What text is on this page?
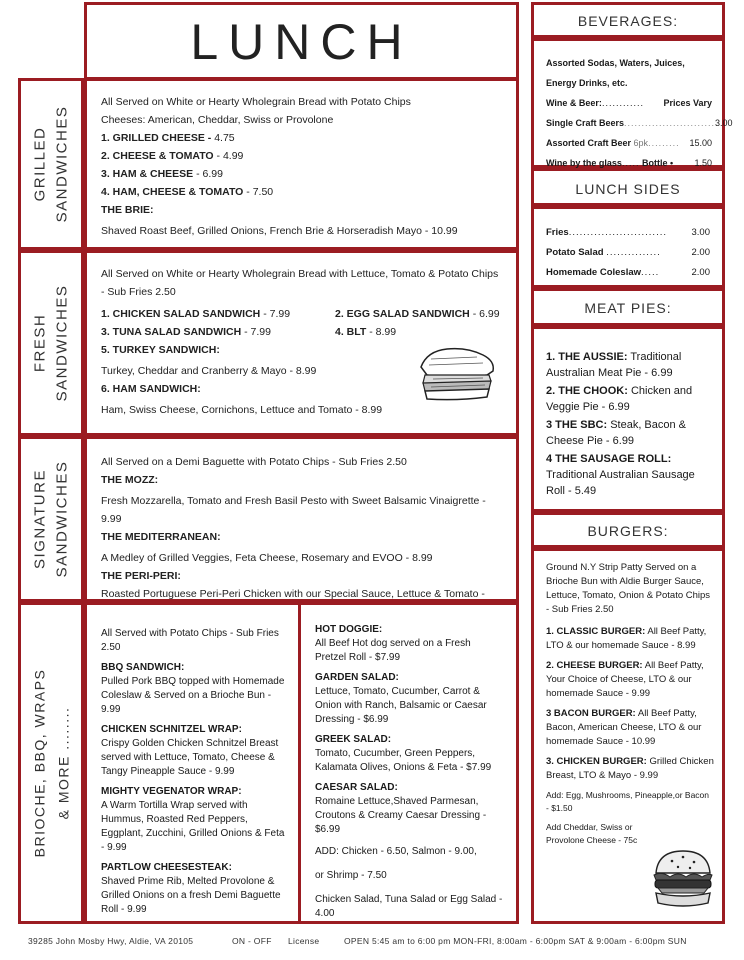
LUNCH
GRILLED SANDWICHES
All Served on White or Hearty Wholegrain Bread with Potato Chips
Cheeses: American, Cheddar, Swiss or Provolone
1. GRILLED CHEESE - 4.75
2. CHEESE & TOMATO - 4.99
3. HAM & CHEESE - 6.99
4. HAM, CHEESE & TOMATO - 7.50
THE BRIE:
Shaved Roast Beef, Grilled Onions, French Brie & Horseradish Mayo - 10.99
FRESH SANDWICHES
All Served on White or Hearty Wholegrain Bread with Lettuce, Tomato & Potato Chips - Sub Fries 2.50
1. CHICKEN SALAD SANDWICH - 7.99	2. EGG SALAD SANDWICH - 6.99
3. TUNA SALAD SANDWICH - 7.99	4. BLT - 8.99
5. TURKEY SANDWICH:
Turkey, Cheddar and Cranberry & Mayo - 8.99
6. HAM SANDWICH:
Ham, Swiss Cheese, Cornichons, Lettuce and Tomato - 8.99
SIGNATURE SANDWICHES	All Served on a Demi Baguette with Potato Chips - Sub Fries 2.50
THE MOZZ:
Fresh Mozzarella, Tomato and Fresh Basil Pesto with Sweet Balsamic Vinaigrette - 9.99
THE MEDITERRANEAN:
A Medley of Grilled Veggies, Feta Cheese, Rosemary and EVOO - 8.99
THE PERI-PERI:
Roasted Portuguese Peri-Peri Chicken with our Special Sauce, Lettuce & Tomato -
BRIOCHE, BBQ, WRAPS & MORE ........
All Served with Potato Chips - Sub Fries 2.50
BBQ SANDWICH:
Pulled Pork BBQ topped with Homemade Coleslaw & Served on a Brioche Bun - 9.99
CHICKEN SCHNITZEL WRAP:
Crispy Golden Chicken Schnitzel Breast served with Lettuce, Tomato, Cheese & Tangy Pineapple Sauce - 9.99
MIGHTY VEGENATOR WRAP:
A Warm Tortilla Wrap served with Hummus, Roasted Red Peppers, Eggplant, Zucchini, Grilled Onions & Feta - 9.99
PARTLOW CHEESESTEAK:
Shaved Prime Rib, Melted Provolone & Grilled Onions on a fresh Demi Baguette Roll - 9.99
HOT DOGGIE:
All Beef Hot dog served on a Fresh Pretzel Roll - $7.99
GARDEN SALAD:
Lettuce, Tomato, Cucumber, Carrot & Onion with Ranch, Balsamic or Caesar Dressing - $6.99
GREEK SALAD:
Tomato, Cucumber, Green Peppers, Kalamata Olives, Onions & Feta - $7.99
CAESAR SALAD:
Romaine Lettuce,Shaved Parmesan, Croutons & Creamy Caesar Dressing - $6.99
ADD: Chicken - 6.50, Salmon - 9.00,
or Shrimp - 7.50
Chicken Salad, Tuna Salad or Egg Salad - 4.00
BEVERAGES:
Assorted Sodas, Waters, Juices,
Energy Drinks, etc.
Wine & Beer:............ Prices Vary
Single Craft Beers.......................... 3.00
Assorted Craft Beer 6pk......... 15.00
Wine by the glass..... Bottle • 1.50
LUNCH SIDES
Fries...........................	3.00
Potato Salad ...............	2.00
Homemade Coleslaw.....	2.00
MEAT PIES:
1. THE AUSSIE: Traditional Australian Meat Pie - 6.99
2. THE CHOOK: Chicken and Veggie Pie - 6.99
3 THE SBC: Steak, Bacon & Cheese Pie - 6.99
4 THE SAUSAGE ROLL: Traditional Australian Sausage Roll - 5.49
BURGERS:
Ground N.Y Strip Patty Served on a Brioche Bun with Aldie Burger Sauce, Lettuce, Tomato, Onion & Potato Chips - Sub Fries 2.50
1. CLASSIC BURGER: All Beef Patty, LTO & our homemade Sauce - 8.99
2. CHEESE BURGER: All Beef Patty, Your Choice of Cheese, LTO & our homemade Sauce - 9.99
3 BACON BURGER: All Beef Patty, Bacon, American Cheese, LTO & our homemade Sauce - 10.99
3. CHICKEN BURGER: Grilled Chicken Breast, LTO & Mayo - 9.99
Add: Egg, Mushrooms, Pineapple,or Bacon - $1.50
Add Cheddar, Swiss or Provolone Cheese - 75c
39285 John Mosby Hwy, Aldie, VA 20105	ON - OFF License	OPEN 5:45 am to 6:00 pm MON-FRI, 8:00am - 6:00pm SAT & 9:00am - 6:00pm SUN
